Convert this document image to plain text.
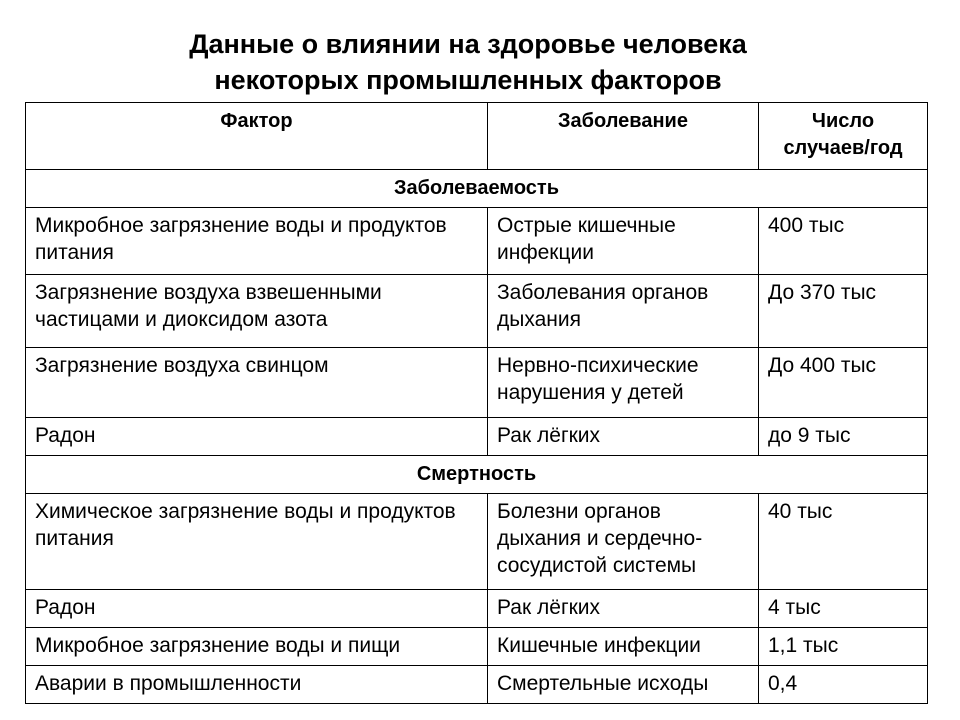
Данные о влиянии на здоровье человека
некоторых промышленных факторов
Фактор	Заболевание	Число случаев/год
Заболеваемость		

Микробное загрязнение воды и продуктов питания	Острые кишечные инфекции	400 тыс

Загрязнение воздуха взвешенными частицами и диоксидом азота	Заболевания органов дыхания	До 370 тыс

Загрязнение воздуха свинцом	Нервно-психические нарушения у детей	До 400 тыс

Радон	Рак лёгких	до 9 тыс

Смертность		

Химическое загрязнение воды и продуктов питания	Болезни органов дыхания и сердечно-сосудистой системы	40 тыс

Радон	Рак лёгких	4 тыс

Микробное загрязнение воды и пищи	Кишечные инфекции	1,1 тыс

Аварии в промышленности	Смертельные исходы	0,4
